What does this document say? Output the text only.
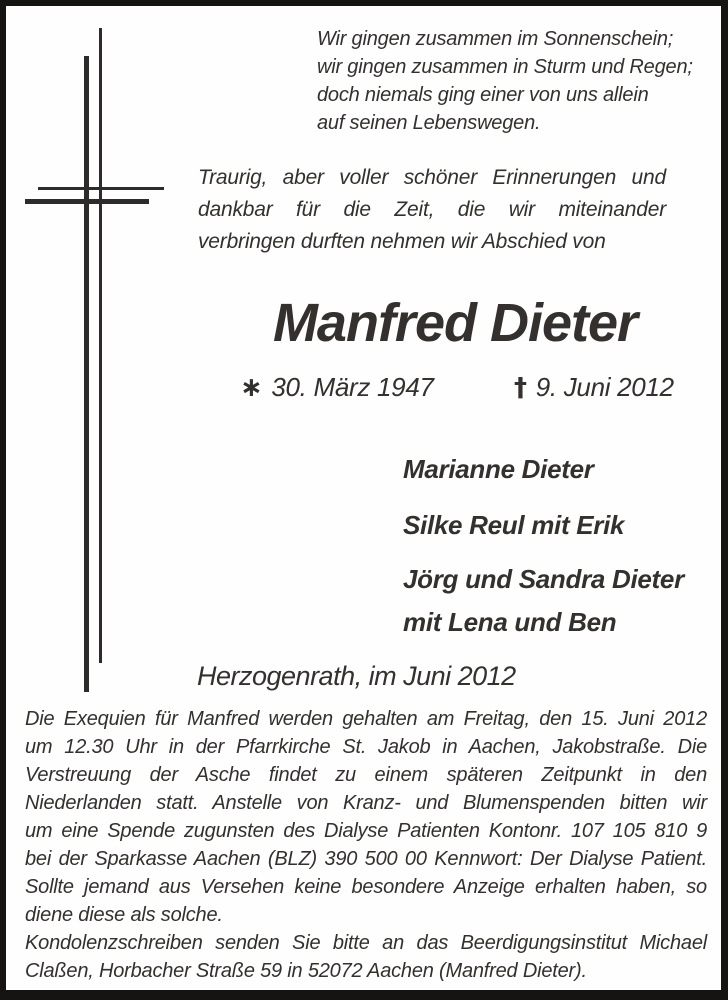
Wir gingen zusammen im Sonnenschein;
wir gingen zusammen in Sturm und Regen;
doch niemals ging einer von uns allein
auf seinen Lebenswegen.
Traurig, aber voller schöner Erinnerungen und
dankbar für die Zeit, die wir miteinander
verbringen durften nehmen wir Abschied von
Manfred Dieter
∗ 30. März 1947	† 9. Juni 2012
Marianne Dieter
Silke Reul mit Erik
Jörg und Sandra Dieter
mit Lena und Ben
Herzogenrath, im Juni 2012
Die Exequien für Manfred werden gehalten am Freitag, den 15. Juni 2012
um 12.30 Uhr in der Pfarrkirche St. Jakob in Aachen, Jakobstraße. Die
Verstreuung der Asche findet zu einem späteren Zeitpunkt in den
Niederlanden statt. Anstelle von Kranz- und Blumenspenden bitten wir
um eine Spende zugunsten des Dialyse Patienten Kontonr. 107 105 810 9
bei der Sparkasse Aachen (BLZ) 390 500 00 Kennwort: Der Dialyse Patient.
Sollte jemand aus Versehen keine besondere Anzeige erhalten haben, so
diene diese als solche.
Kondolenzschreiben senden Sie bitte an das Beerdigungsinstitut Michael
Claßen, Horbacher Straße 59 in 52072 Aachen (Manfred Dieter).
